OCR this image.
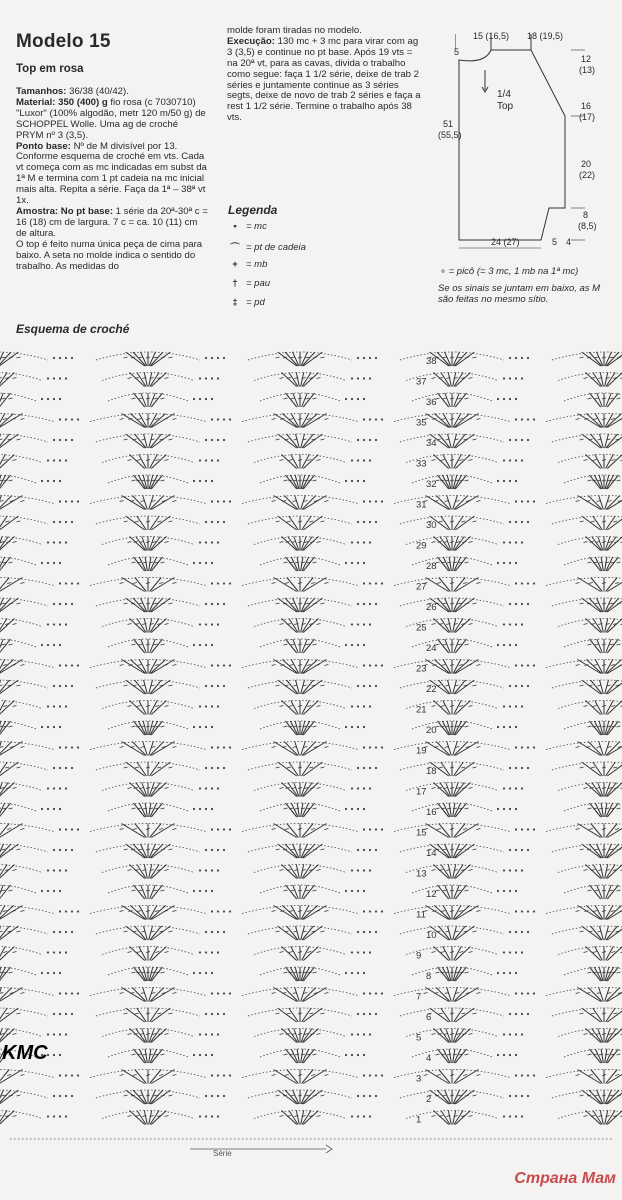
Modelo 15
Top em rosa

Tamanhos: 36/38 (40/42).

Material: 350 (400) g fio rosa (c 7030710) "Luxor" (100% algodão, metr 120 m/50 g) de SCHOPPEL Wolle. Uma ag de croché PRYM nº 3 (3,5).

Ponto base: Nº de M divisível por 13. Conforme esquema de croché em vts. Cada vt começa com as mc indicadas em subst da 1ª M e termina com 1 pt cadeia na mc inicial mais alta. Repita a série. Faça da 1ª – 38ª vt 1x.

Amostra: No pt base: 1 série da 20ª-30ª c = 16 (18) cm de largura. 7 c = ca. 10 (11) cm de altura.

O top é feito numa única peça de cima para baixo. A seta no molde indica o sentido do trabalho. As medidas do

molde foram tiradas no modelo.

Execução: 130 mc + 3 mc para virar com ag 3 (3,5) e continue no pt base. Após 19 vts = na 20ª vt, para as cavas, divida o trabalho como segue: faça 1 1/2 série, deixe de trab 2 séries e juntamente continue as 3 séries segts, deixe de novo de trab 2 séries e faça a rest 1 1/2 série. Termine o trabalho após 38 vts.

Legenda
• = mc
⌒ = pt de cadeia
+ = mb
† = pau
‡ = pd
15 (16,5) 18 (19,5)
5
1/4
Top
51
(55,5)
12
(13)
16
(17)
20
(22)
8
(8,5)
24 (27)	5 4
∘ = picô (= 3 mc, 1 mb na 1ª mc)
Se os sinais se juntam em baixo, as M são feitas no mesmo sítio.
Esquema de croché
38
37
36
35
34
33
32
31
30
29
28
27
26
25
24
23
22
21
20
19
18
17
16
15
14
13
12
11
10
9
8
7
6
5
4
3
2
1
KMC
Série
Страна Мам
